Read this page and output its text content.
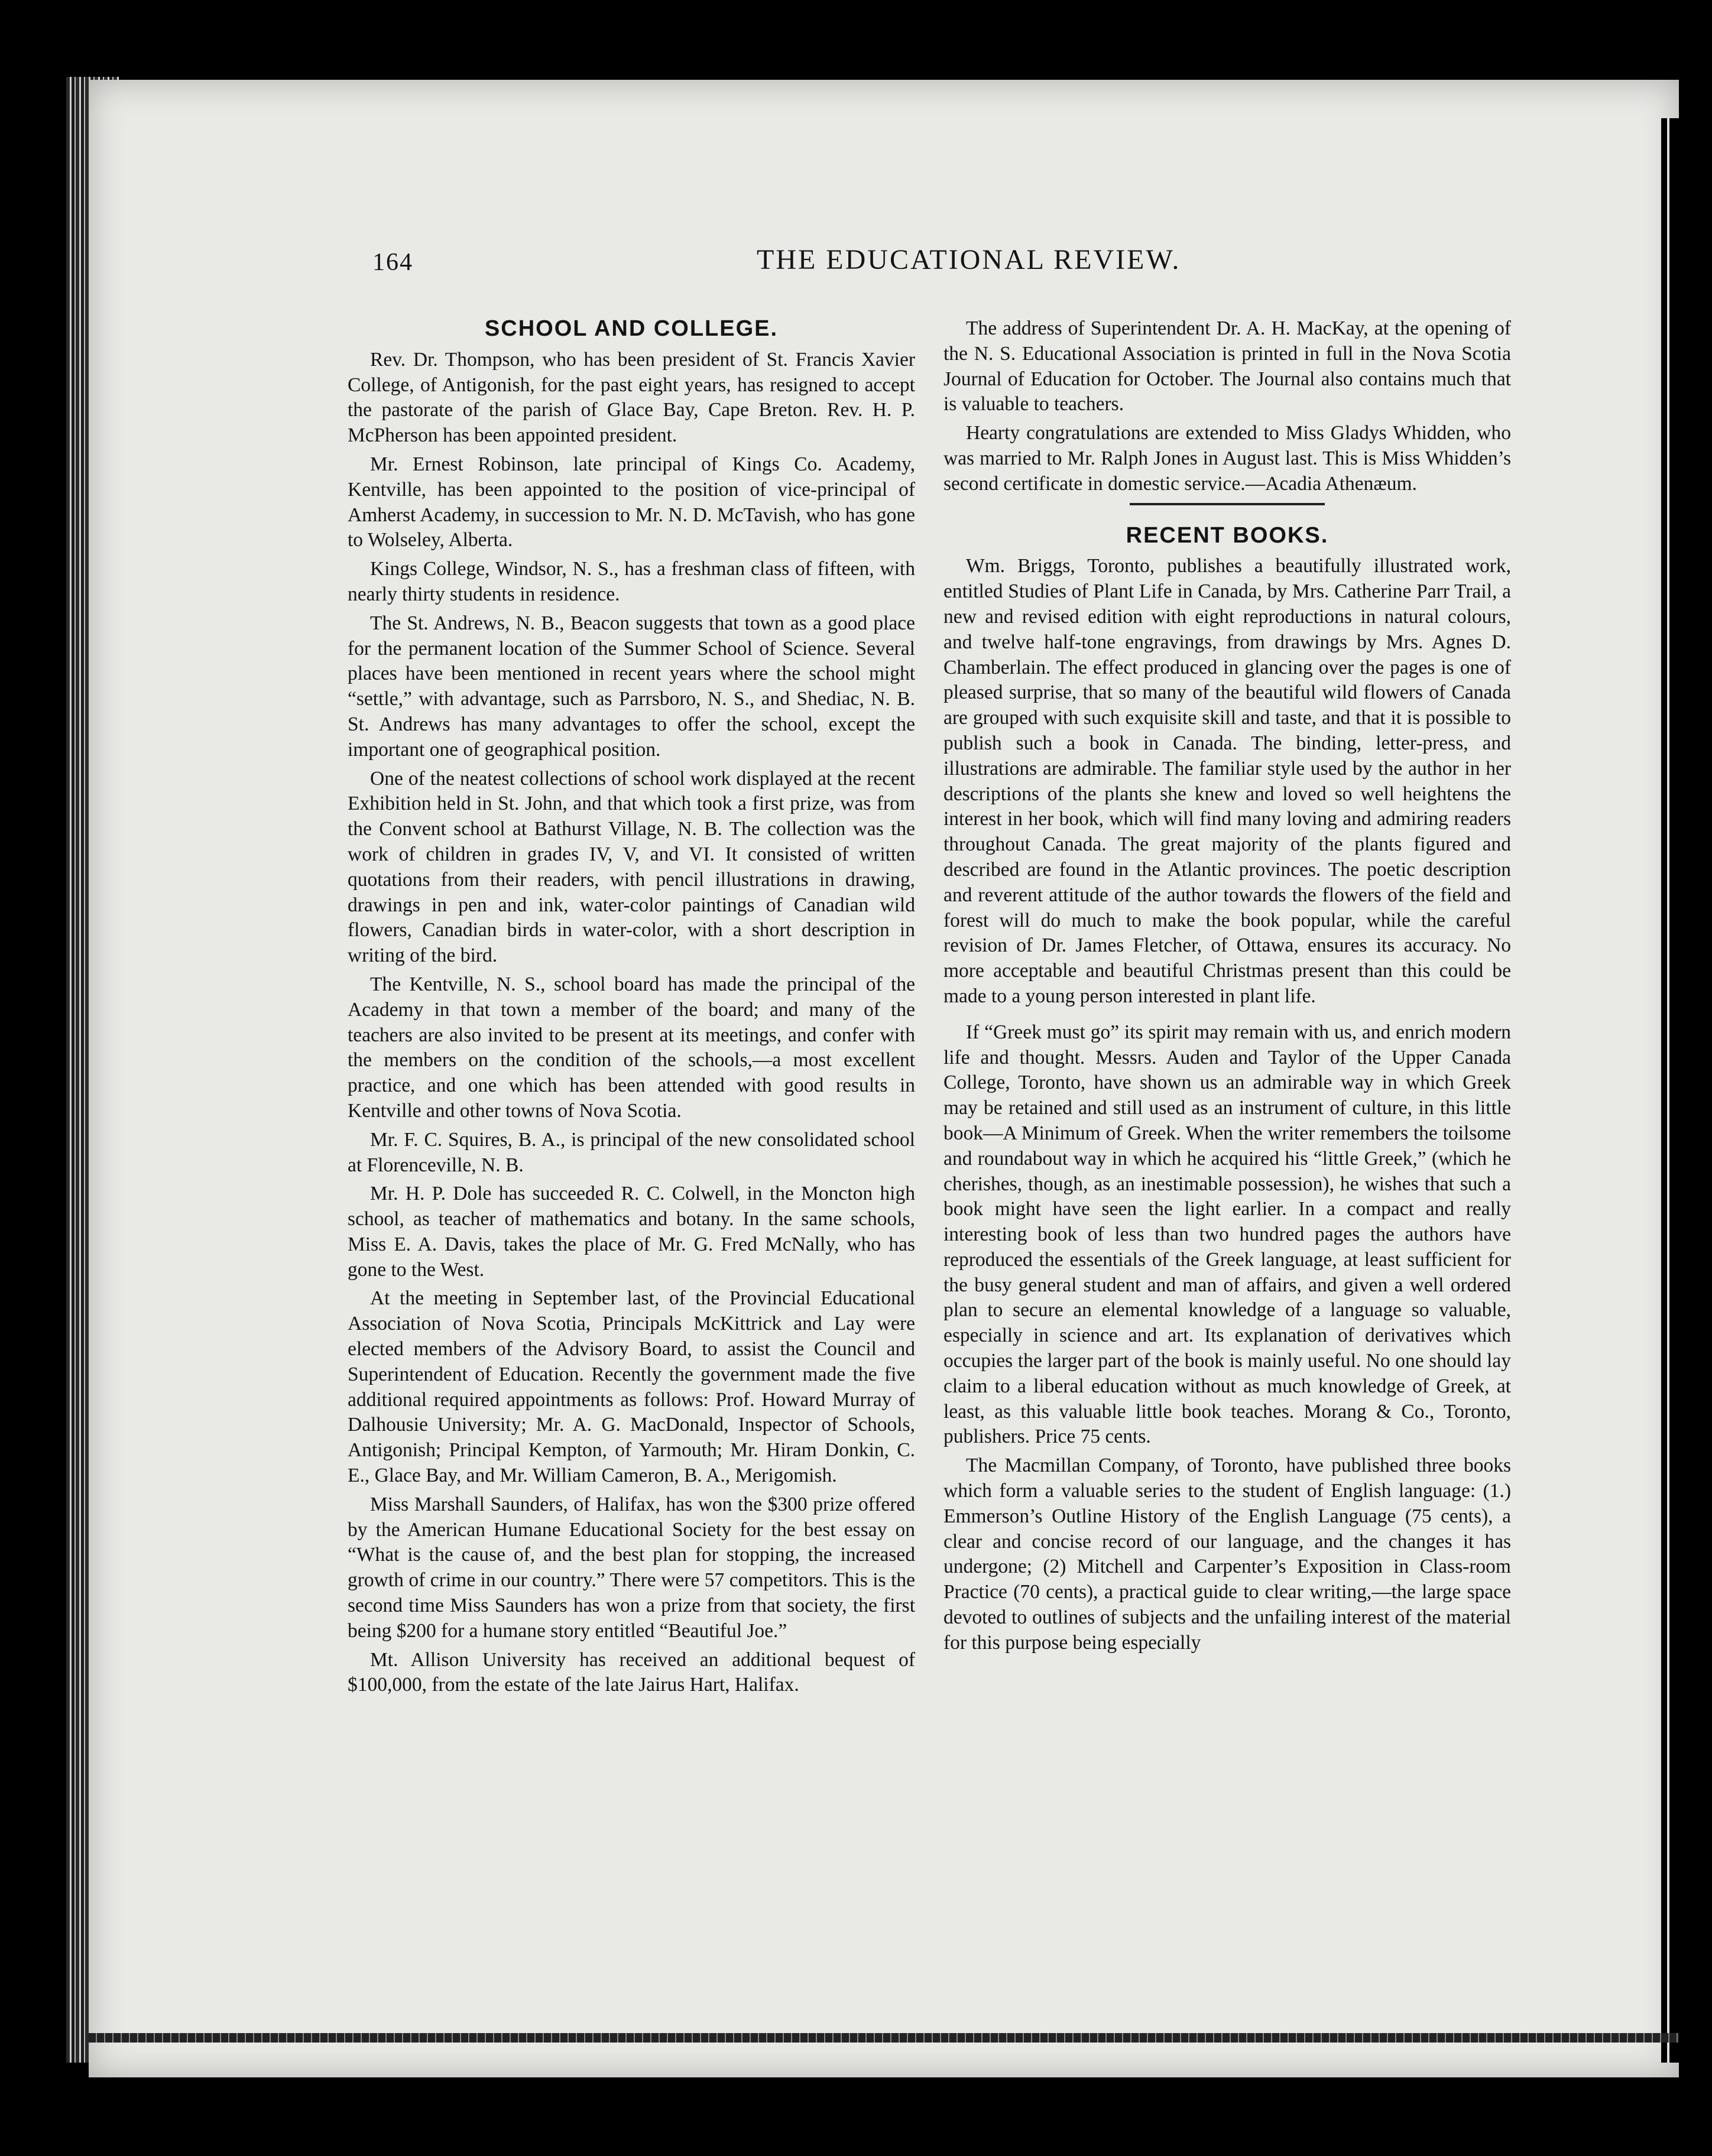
164	THE EDUCATIONAL REVIEW.
SCHOOL AND COLLEGE.

Rev. Dr. Thompson, who has been president of St. Francis Xavier College, of Antigonish, for the past eight years, has resigned to accept the pastorate of the parish of Glace Bay, Cape Breton. Rev. H. P. McPherson has been appointed president.

Mr. Ernest Robinson, late principal of Kings Co. Academy, Kentville, has been appointed to the position of vice-principal of Amherst Academy, in succession to Mr. N. D. McTavish, who has gone to Wolseley, Alberta.

Kings College, Windsor, N. S., has a freshman class of fifteen, with nearly thirty students in residence.

The St. Andrews, N. B., Beacon suggests that town as a good place for the permanent location of the Summer School of Science. Several places have been mentioned in recent years where the school might “settle,” with advantage, such as Parrsboro, N. S., and Shediac, N. B. St. Andrews has many advantages to offer the school, except the important one of geographical position.

One of the neatest collections of school work displayed at the recent Exhibition held in St. John, and that which took a first prize, was from the Convent school at Bathurst Village, N. B. The collection was the work of children in grades IV, V, and VI. It consisted of written quotations from their readers, with pencil illustrations in drawing, drawings in pen and ink, water-color paintings of Canadian wild flowers, Canadian birds in water-color, with a short description in writing of the bird.

The Kentville, N. S., school board has made the principal of the Academy in that town a member of the board; and many of the teachers are also invited to be present at its meetings, and confer with the members on the condition of the schools,—a most excellent practice, and one which has been attended with good results in Kentville and other towns of Nova Scotia.

Mr. F. C. Squires, B. A., is principal of the new consolidated school at Florenceville, N. B.

Mr. H. P. Dole has succeeded R. C. Colwell, in the Moncton high school, as teacher of mathematics and botany. In the same schools, Miss E. A. Davis, takes the place of Mr. G. Fred McNally, who has gone to the West.

At the meeting in September last, of the Provincial Educational Association of Nova Scotia, Principals McKittrick and Lay were elected members of the Advisory Board, to assist the Council and Superintendent of Education. Recently the government made the five additional required appointments as follows: Prof. Howard Murray of Dalhousie University; Mr. A. G. MacDonald, Inspector of Schools, Antigonish; Principal Kempton, of Yarmouth; Mr. Hiram Donkin, C. E., Glace Bay, and Mr. William Cameron, B. A., Merigomish.

Miss Marshall Saunders, of Halifax, has won the $300 prize offered by the American Humane Educational Society for the best essay on “What is the cause of, and the best plan for stopping, the increased growth of crime in our country.” There were 57 competitors. This is the second time Miss Saunders has won a prize from that society, the first being $200 for a humane story entitled “Beautiful Joe.”

Mt. Allison University has received an additional bequest of $100,000, from the estate of the late Jairus Hart, Halifax.

The address of Superintendent Dr. A. H. MacKay, at the opening of the N. S. Educational Association is printed in full in the Nova Scotia Journal of Education for October. The Journal also contains much that is valuable to teachers.

Hearty congratulations are extended to Miss Gladys Whidden, who was married to Mr. Ralph Jones in August last. This is Miss Whidden’s second certificate in domestic service.—Acadia Athenæum.

RECENT BOOKS.

Wm. Briggs, Toronto, publishes a beautifully illustrated work, entitled Studies of Plant Life in Canada, by Mrs. Catherine Parr Trail, a new and revised edition with eight reproductions in natural colours, and twelve half-tone engravings, from drawings by Mrs. Agnes D. Chamberlain. The effect produced in glancing over the pages is one of pleased surprise, that so many of the beautiful wild flowers of Canada are grouped with such exquisite skill and taste, and that it is possible to publish such a book in Canada. The binding, letter-press, and illustrations are admirable. The familiar style used by the author in her descriptions of the plants she knew and loved so well heightens the interest in her book, which will find many loving and admiring readers throughout Canada. The great majority of the plants figured and described are found in the Atlantic provinces. The poetic description and reverent attitude of the author towards the flowers of the field and forest will do much to make the book popular, while the careful revision of Dr. James Fletcher, of Ottawa, ensures its accuracy. No more acceptable and beautiful Christmas present than this could be made to a young person interested in plant life.

If “Greek must go” its spirit may remain with us, and enrich modern life and thought. Messrs. Auden and Taylor of the Upper Canada College, Toronto, have shown us an admirable way in which Greek may be retained and still used as an instrument of culture, in this little book—A Minimum of Greek. When the writer remembers the toilsome and roundabout way in which he acquired his “little Greek,” (which he cherishes, though, as an inestimable possession), he wishes that such a book might have seen the light earlier. In a compact and really interesting book of less than two hundred pages the authors have reproduced the essentials of the Greek language, at least sufficient for the busy general student and man of affairs, and given a well ordered plan to secure an elemental knowledge of a language so valuable, especially in science and art. Its explanation of derivatives which occupies the larger part of the book is mainly useful. No one should lay claim to a liberal education without as much knowledge of Greek, at least, as this valuable little book teaches. Morang & Co., Toronto, publishers. Price 75 cents.

The Macmillan Company, of Toronto, have published three books which form a valuable series to the student of English language: (1.) Emmerson’s Outline History of the English Language (75 cents), a clear and concise record of our language, and the changes it has undergone; (2) Mitchell and Carpenter’s Exposition in Class-room Practice (70 cents), a practical guide to clear writing,—the large space devoted to outlines of subjects and the unfailing interest of the material for this purpose being especially
